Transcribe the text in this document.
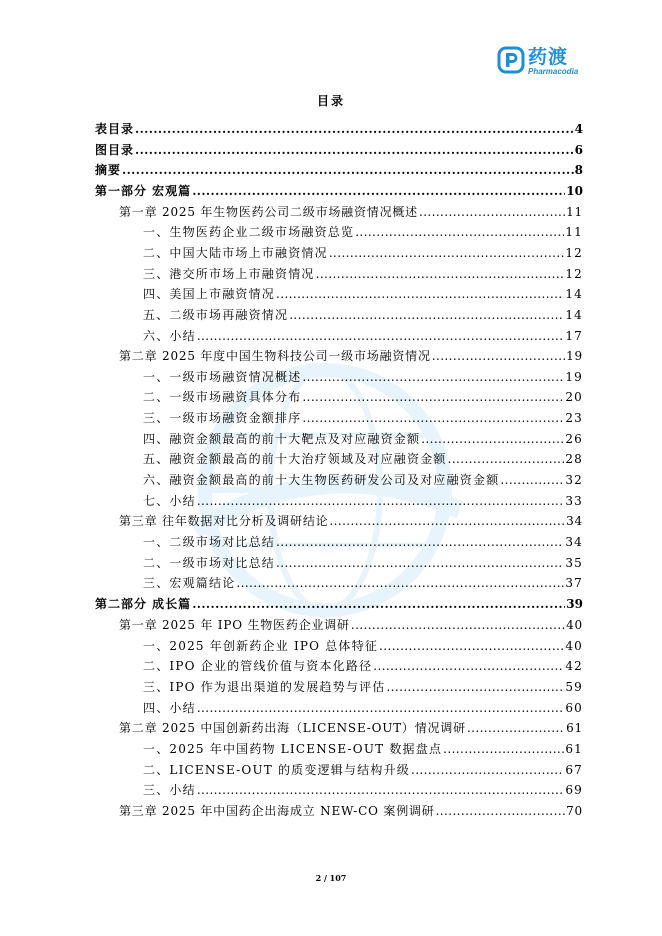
药渡
Pharmacodia
目录
表目录 .....	4
图目录 .....	6
摘要 .....	8
第一部分 宏观篇 .....	10
第一章 2025 年生物医药公司二级市场融资情况概述 .....	11
一、生物医药企业二级市场融资总览 .....	11
二、中国大陆市场上市融资情况 .....	12
三、港交所市场上市融资情况 .....	12
四、美国上市融资情况 .....	14
五、二级市场再融资情况 .....	14
六、小结 .....	17
第二章 2025 年度中国生物科技公司一级市场融资情况 .....	19
一、一级市场融资情况概述 .....	19
二、一级市场融资具体分布 .....	20
三、一级市场融资金额排序 .....	23
四、融资金额最高的前十大靶点及对应融资金额 .....	26
五、融资金额最高的前十大治疗领域及对应融资金额 .....	28
六、融资金额最高的前十大生物医药研发公司及对应融资金额 .....	32
七、小结 .....	33
第三章 往年数据对比分析及调研结论 .....	34
一、二级市场对比总结 .....	34
二、一级市场对比总结 .....	35
三、宏观篇结论 .....	37
第二部分 成长篇 .....	39
第一章 2025 年 IPO 生物医药企业调研 .....	40
一、2025 年创新药企业 IPO 总体特征 .....	40
二、IPO 企业的管线价值与资本化路径 .....	42
三、IPO 作为退出渠道的发展趋势与评估 .....	59
四、小结 .....	60
第二章 2025 中国创新药出海（LICENSE-OUT）情况调研 .....	61
一、2025 年中国药物 LICENSE-OUT 数据盘点 .....	61
二、LICENSE-OUT 的质变逻辑与结构升级 .....	67
三、小结 .....	69
第三章 2025 年中国药企出海成立 NEW-CO 案例调研 .....	70
2 / 107
